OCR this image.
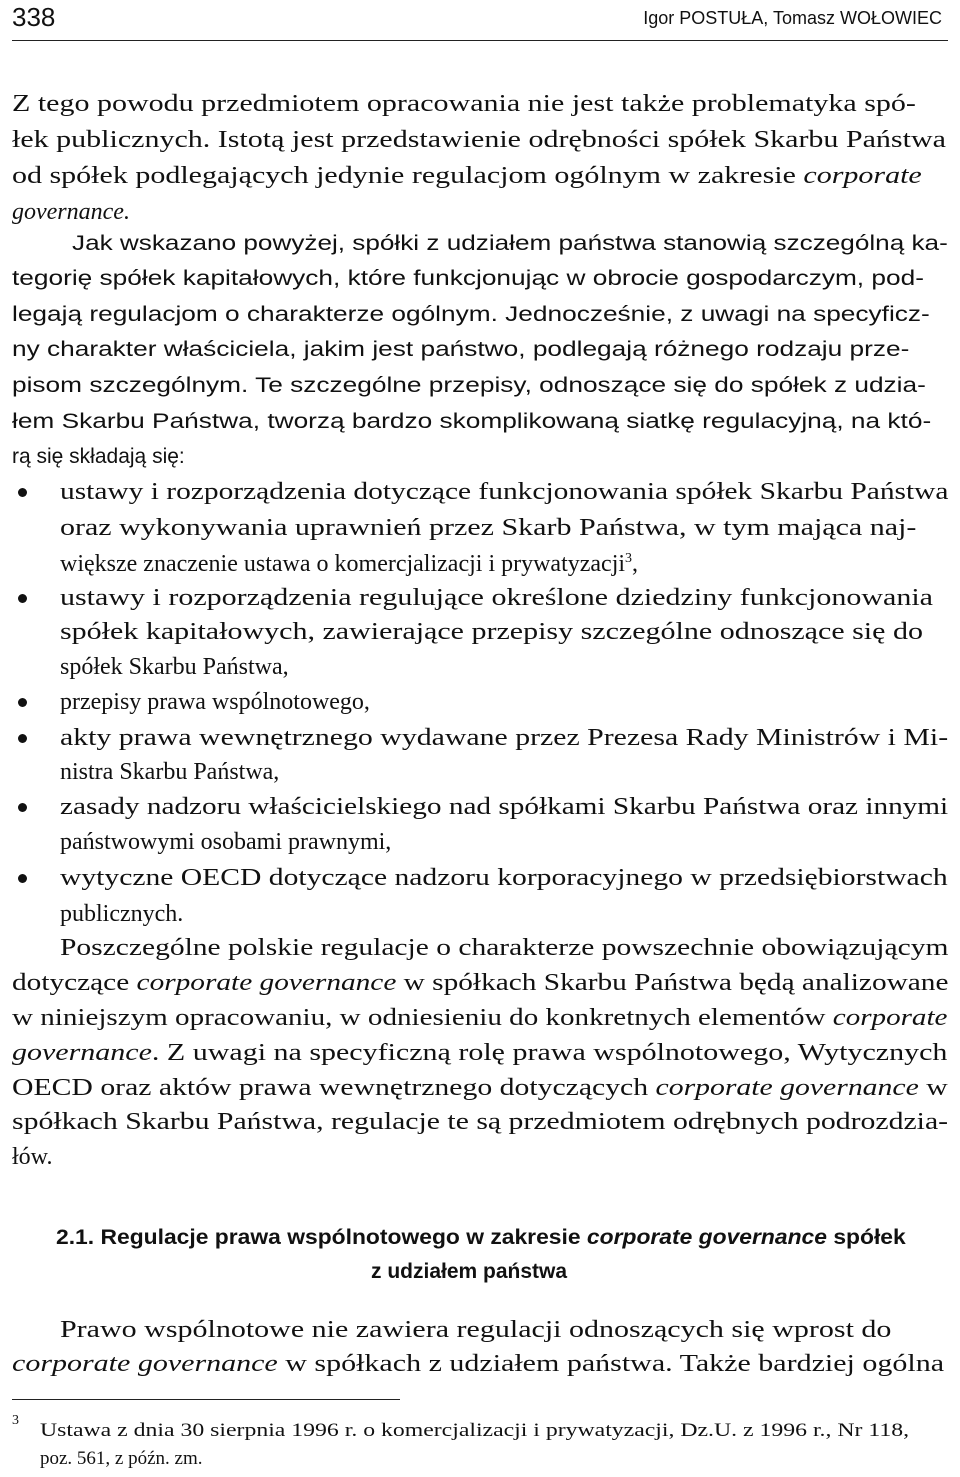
338	Igor POSTUŁA, Tomasz WOŁOWIEC
Z tego powodu przedmiotem opracowania nie jest także problematyka spó-
łek publicznych. Istotą jest przedstawienie odrębności spółek Skarbu Państwa
od spółek podlegających jedynie regulacjom ogólnym w zakresie corporate
governance.
Jak wskazano powyżej, spółki z udziałem państwa stanowią szczególną ka-
tegorię spółek kapitałowych, które funkcjonując w obrocie gospodarczym, pod-
legają regulacjom o charakterze ogólnym. Jednocześnie, z uwagi na specyficz-
ny charakter właściciela, jakim jest państwo, podlegają różnego rodzaju prze-
pisom szczególnym. Te szczególne przepisy, odnoszące się do spółek z udzia-
łem Skarbu Państwa, tworzą bardzo skomplikowaną siatkę regulacyjną, na któ-
rą się składają się:
ustawy i rozporządzenia dotyczące funkcjonowania spółek Skarbu Państwa
oraz wykonywania uprawnień przez Skarb Państwa, w tym mająca naj-
większe znaczenie ustawa o komercjalizacji i prywatyzacji$^3$,
ustawy i rozporządzenia regulujące określone dziedziny funkcjonowania
spółek kapitałowych, zawierające przepisy szczególne odnoszące się do
spółek Skarbu Państwa,
przepisy prawa wspólnotowego,
akty prawa wewnętrznego wydawane przez Prezesa Rady Ministrów i Mi-
nistra Skarbu Państwa,
zasady nadzoru właścicielskiego nad spółkami Skarbu Państwa oraz innymi
państwowymi osobami prawnymi,
wytyczne OECD dotyczące nadzoru korporacyjnego w przedsiębiorstwach
publicznych.
Poszczególne polskie regulacje o charakterze powszechnie obowiązującym
dotyczące corporate governance w spółkach Skarbu Państwa będą analizowane
w niniejszym opracowaniu, w odniesieniu do konkretnych elementów corporate
governance. Z uwagi na specyficzną rolę prawa wspólnotowego, Wytycznych
OECD oraz aktów prawa wewnętrznego dotyczących corporate governance w
spółkach Skarbu Państwa, regulacje te są przedmiotem odrębnych podrozdzia-
łów.
2.1. Regulacje prawa wspólnotowego w zakresie corporate governance spółek
z udziałem państwa
Prawo wspólnotowe nie zawiera regulacji odnoszących się wprost do
corporate governance w spółkach z udziałem państwa. Także bardziej ogólna
3 Ustawa z dnia 30 sierpnia 1996 r. o komercjalizacji i prywatyzacji, Dz.U. z 1996 r., Nr 118,
poz. 561, z późn. zm.
